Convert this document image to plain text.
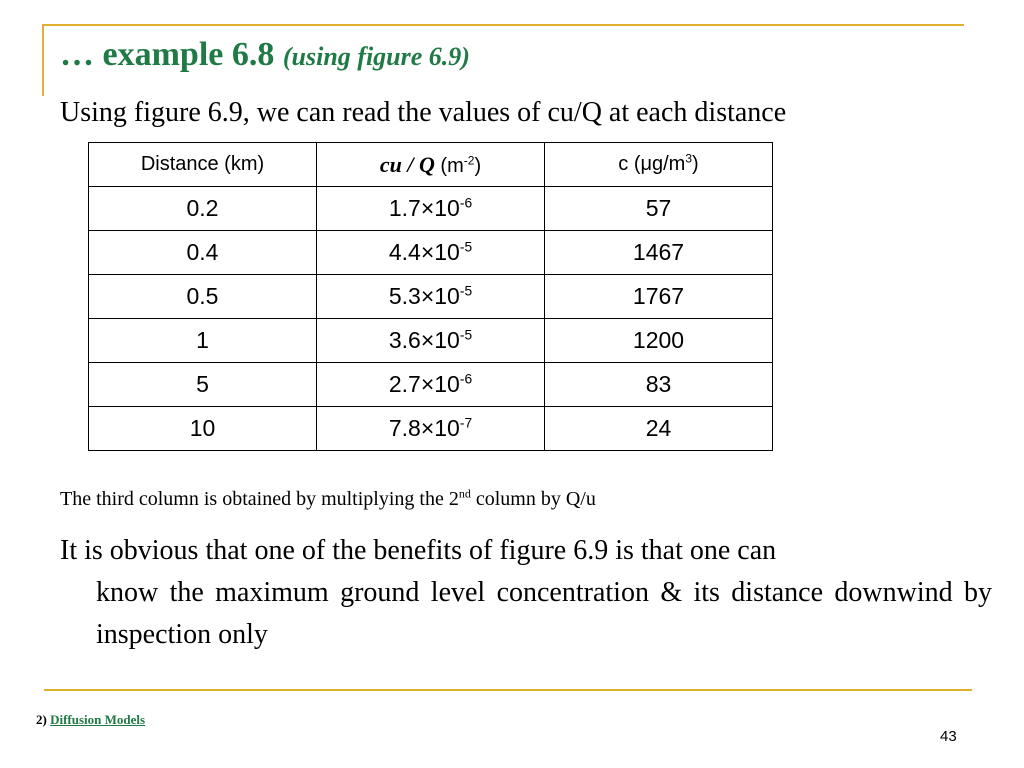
… example 6.8 (using figure 6.9)
Using figure 6.9, we can read the values of cu/Q at each distance
Distance (km)	cu / Q $(m^{-2})$	c $(\mu g/m^3)$
0.2	$1.7\times 10^{-6}$	57
0.4	$4.4\times 10^{-5}$	1467
0.5	$5.3\times 10^{-5}$	1767
1	$3.6\times 10^{-5}$	1200
5	$2.7\times 10^{-6}$	83
10	$7.8\times 10^{-7}$	24
The third column is obtained by multiplying the 2nd column by Q/u
It is obvious that one of the benefits of figure 6.9 is that one can
know the maximum ground level concentration & its distance downwind by inspection only
2) Diffusion Models
43
